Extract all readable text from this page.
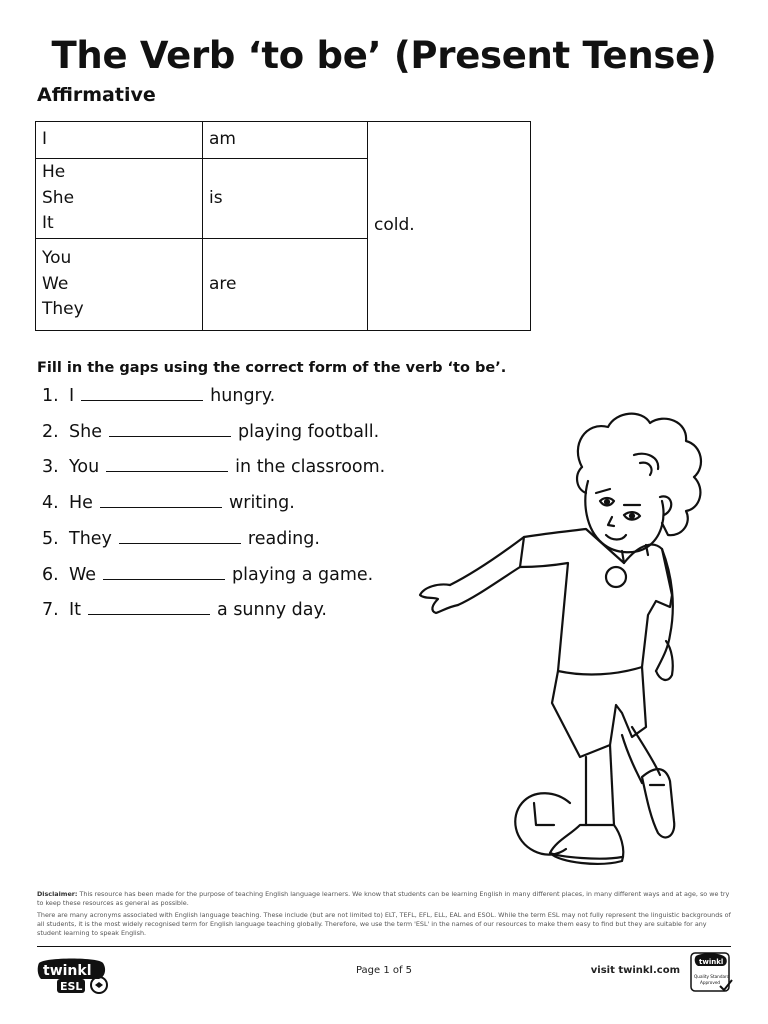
The Verb ‘to be’ (Present Tense)
Affirmative
I	am	cold.
He
She
It	is	
You
We
They	are	
Fill in the gaps using the correct form of the verb ‘to be’.
1. I	hungry.
2. She	playing football.
3. You	in the classroom.
4. He	writing.
5. They	reading.
6. We	playing a game.
7. It	a sunny day.

Disclaimer: This resource has been made for the purpose of teaching English language learners. We know that students can be learning English in many different places, in many different ways and at age, so we try to keep these resources as general as possible.

There are many acronyms associated with English language teaching. These include (but are not limited to) ELT, TEFL, EFL, ELL, EAL and ESOL. While the term ESL may not fully represent the linguistic backgrounds of all students, it is the most widely recognised term for English language teaching globally. Therefore, we use the term 'ESL' in the names of our resources to make them easy to find but they are suitable for any student learning to speak English.

twinkl
ESL
Page 1 of 5	visit twinkl.com
twinkl
Quality Standard
Approved
